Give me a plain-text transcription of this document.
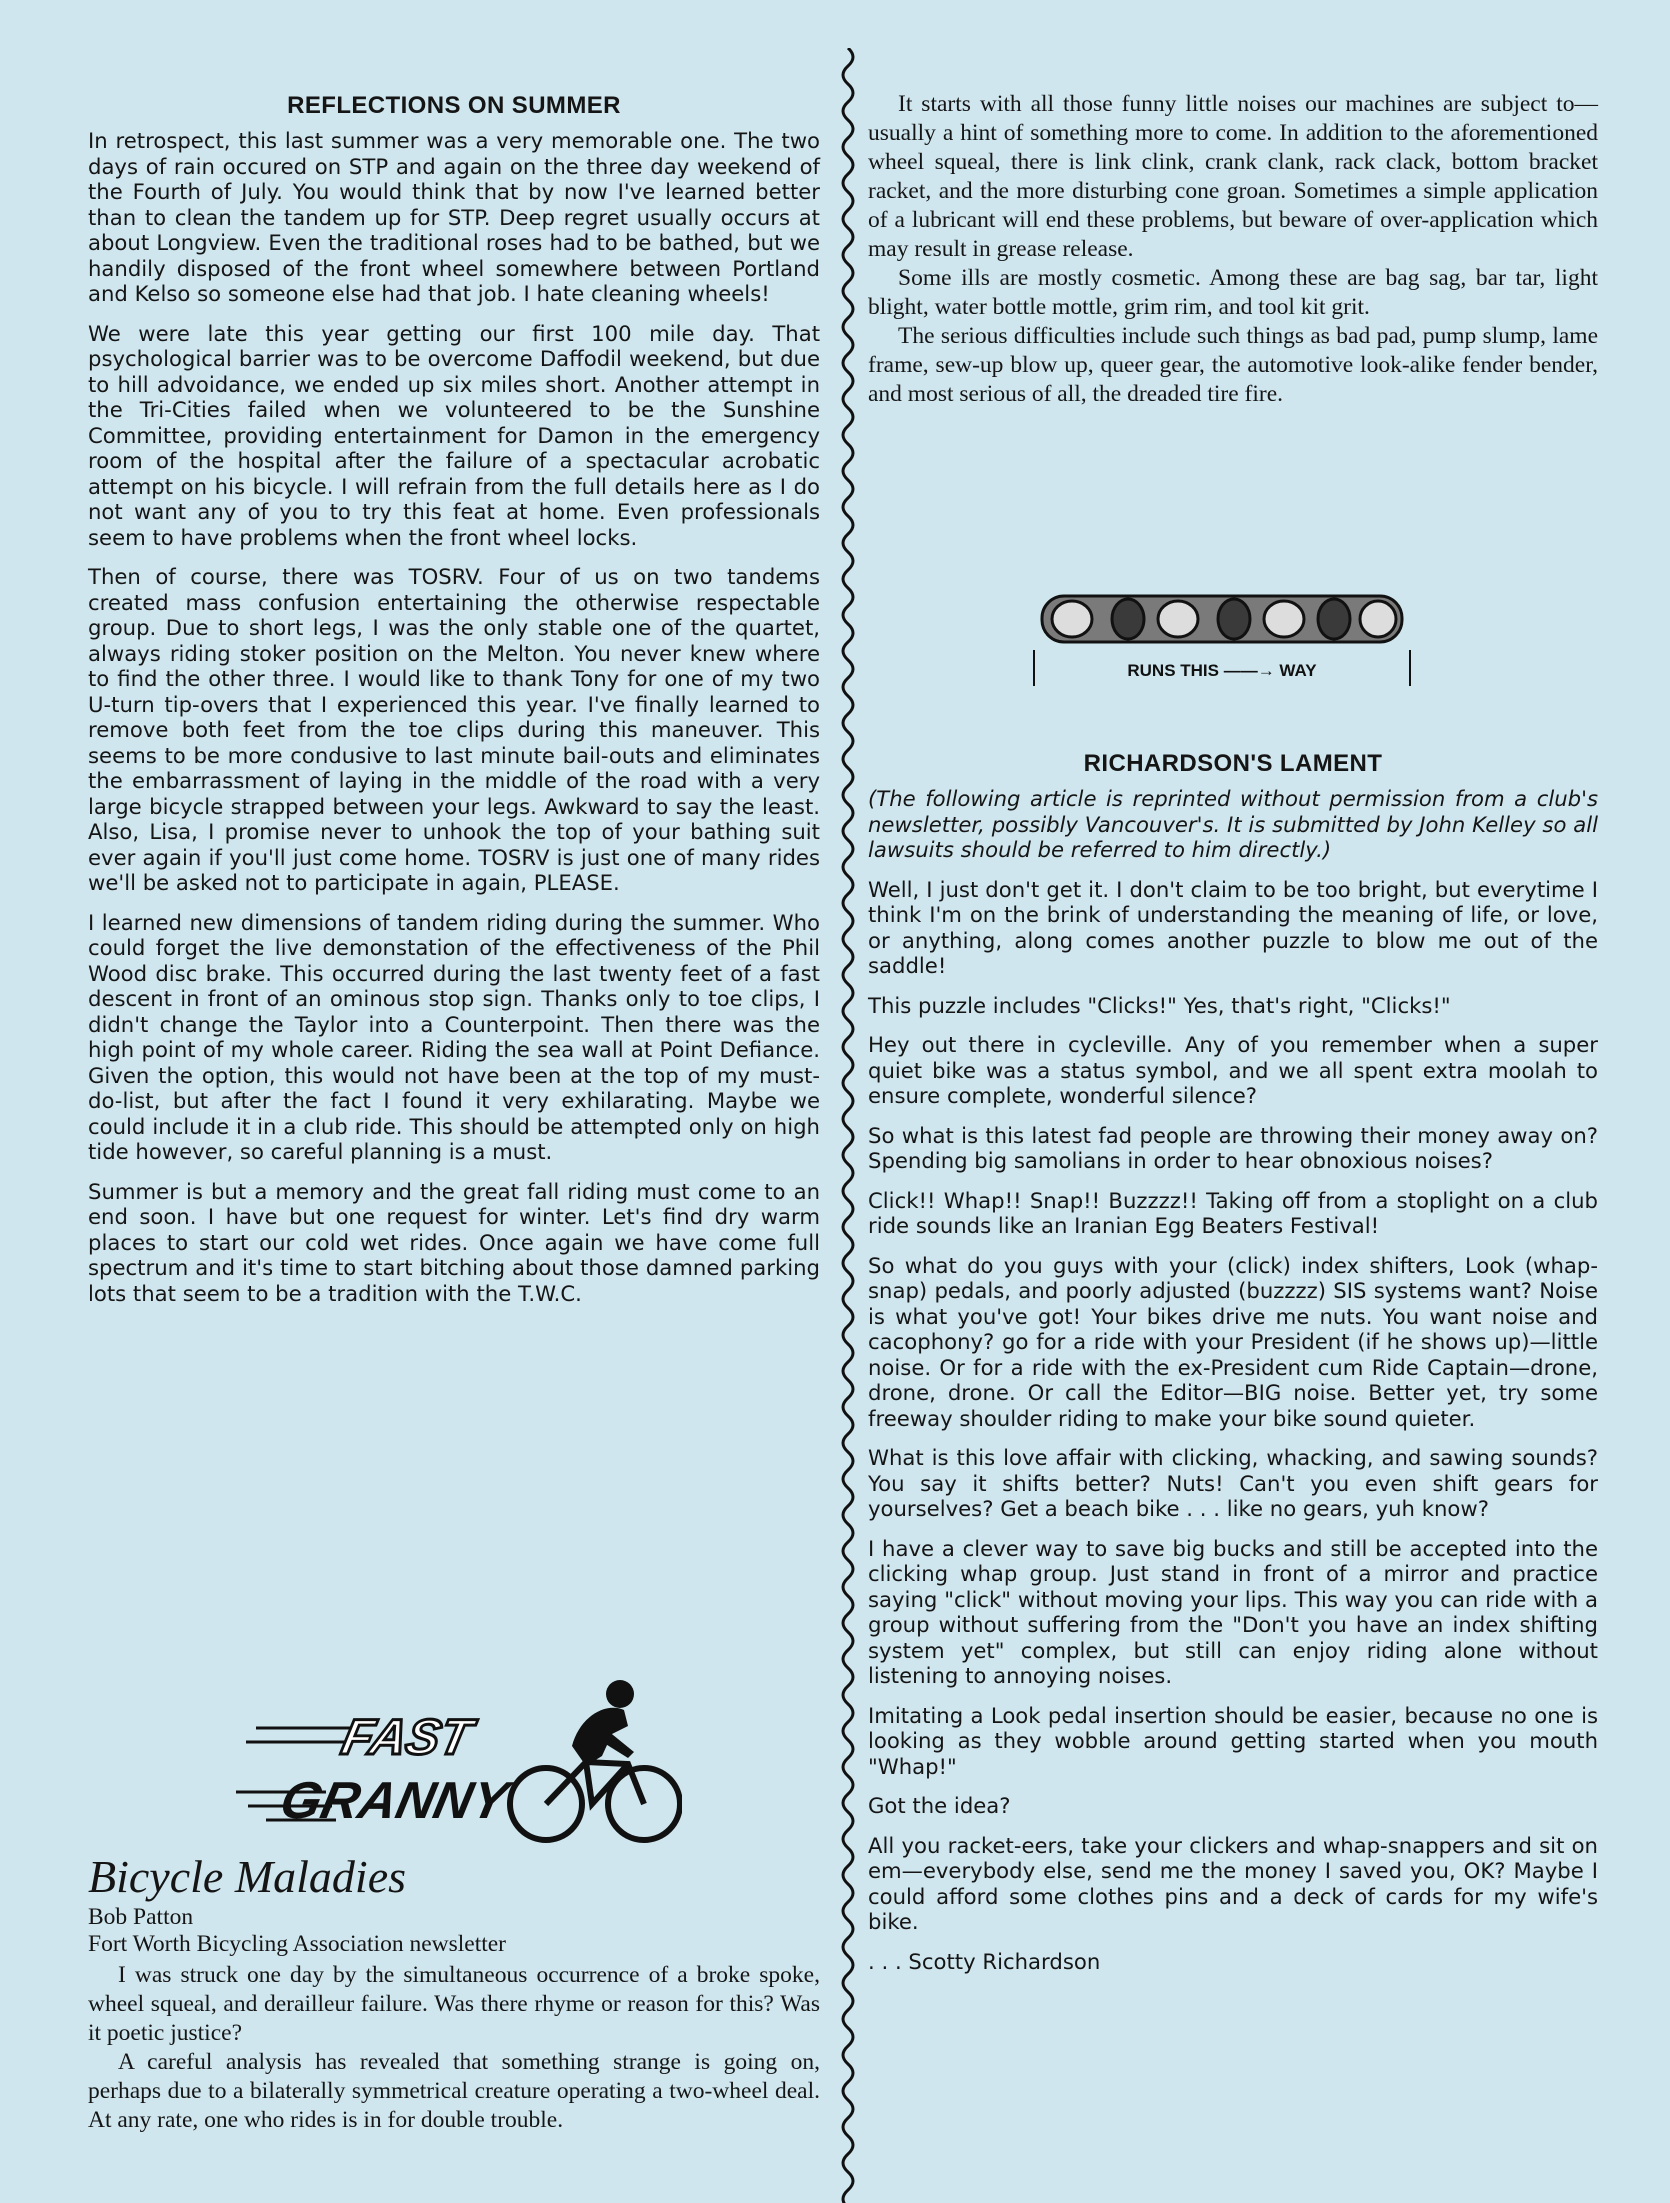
REFLECTIONS ON SUMMER

In retrospect, this last summer was a very memorable one. The two days of rain occured on STP and again on the three day weekend of the Fourth of July. You would think that by now I've learned better than to clean the tandem up for STP. Deep regret usually occurs at about Longview. Even the traditional roses had to be bathed, but we handily disposed of the front wheel somewhere between Portland and Kelso so someone else had that job. I hate cleaning wheels!

We were late this year getting our first 100 mile day. That psychological barrier was to be overcome Daffodil weekend, but due to hill advoidance, we ended up six miles short. Another attempt in the Tri-Cities failed when we volunteered to be the Sunshine Committee, providing entertainment for Damon in the emergency room of the hospital after the failure of a spectacular acrobatic attempt on his bicycle. I will refrain from the full details here as I do not want any of you to try this feat at home. Even professionals seem to have problems when the front wheel locks.

Then of course, there was TOSRV. Four of us on two tandems created mass confusion entertaining the otherwise respectable group. Due to short legs, I was the only stable one of the quartet, always riding stoker position on the Melton. You never knew where to find the other three. I would like to thank Tony for one of my two U-turn tip-overs that I experienced this year. I've finally learned to remove both feet from the toe clips during this maneuver. This seems to be more condusive to last minute bail-outs and eliminates the embarrassment of laying in the middle of the road with a very large bicycle strapped between your legs. Awkward to say the least. Also, Lisa, I promise never to unhook the top of your bathing suit ever again if you'll just come home. TOSRV is just one of many rides we'll be asked not to participate in again, PLEASE.

I learned new dimensions of tandem riding during the summer. Who could forget the live demonstation of the effectiveness of the Phil Wood disc brake. This occurred during the last twenty feet of a fast descent in front of an ominous stop sign. Thanks only to toe clips, I didn't change the Taylor into a Counterpoint. Then there was the high point of my whole career. Riding the sea wall at Point Defiance. Given the option, this would not have been at the top of my must-do-list, but after the fact I found it very exhilarating. Maybe we could include it in a club ride. This should be attempted only on high tide however, so careful planning is a must.

Summer is but a memory and the great fall riding must come to an end soon. I have but one request for winter. Let's find dry warm places to start our cold wet rides. Once again we have come full spectrum and it's time to start bitching about those damned parking lots that seem to be a tradition with the T.W.C.

FAST
GRANNY
Bicycle Maladies
Bob Patton
Fort Worth Bicycling Association newsletter

I was struck one day by the simultaneous occurrence of a broke spoke, wheel squeal, and derailleur failure. Was there rhyme or reason for this? Was it poetic justice?

A careful analysis has revealed that something strange is going on, perhaps due to a bilaterally symmetrical creature operating a two-wheel deal. At any rate, one who rides is in for double trouble.

It starts with all those funny little noises our machines are subject to—usually a hint of something more to come. In addition to the aforementioned wheel squeal, there is link clink, crank clank, rack clack, bottom bracket racket, and the more disturbing cone groan. Sometimes a simple application of a lubricant will end these problems, but beware of over-application which may result in grease release.

Some ills are mostly cosmetic. Among these are bag sag, bar tar, light blight, water bottle mottle, grim rim, and tool kit grit.

The serious difficulties include such things as bad pad, pump slump, lame frame, sew-up blow up, queer gear, the automotive look-alike fender bender, and most serious of all, the dreaded tire fire.

RUNS THIS ——→ WAY
RICHARDSON'S LAMENT

(The following article is reprinted without permission from a club's newsletter, possibly Vancouver's. It is submitted by John Kelley so all lawsuits should be referred to him directly.)

Well, I just don't get it. I don't claim to be too bright, but everytime I think I'm on the brink of understanding the meaning of life, or love, or anything, along comes another puzzle to blow me out of the saddle!

This puzzle includes "Clicks!" Yes, that's right, "Clicks!"

Hey out there in cycleville. Any of you remember when a super quiet bike was a status symbol, and we all spent extra moolah to ensure complete, wonderful silence?

So what is this latest fad people are throwing their money away on? Spending big samolians in order to hear obnoxious noises?

Click!! Whap!! Snap!! Buzzzz!! Taking off from a stoplight on a club ride sounds like an Iranian Egg Beaters Festival!

So what do you guys with your (click) index shifters, Look (whap-snap) pedals, and poorly adjusted (buzzzz) SIS systems want? Noise is what you've got! Your bikes drive me nuts. You want noise and cacophony? go for a ride with your President (if he shows up)—little noise. Or for a ride with the ex-President cum Ride Captain—drone, drone, drone. Or call the Editor—BIG noise. Better yet, try some freeway shoulder riding to make your bike sound quieter.

What is this love affair with clicking, whacking, and sawing sounds? You say it shifts better? Nuts! Can't you even shift gears for yourselves? Get a beach bike . . . like no gears, yuh know?

I have a clever way to save big bucks and still be accepted into the clicking whap group. Just stand in front of a mirror and practice saying "click" without moving your lips. This way you can ride with a group without suffering from the "Don't you have an index shifting system yet" complex, but still can enjoy riding alone without listening to annoying noises.

Imitating a Look pedal insertion should be easier, because no one is looking as they wobble around getting started when you mouth "Whap!"

Got the idea?

All you racket-eers, take your clickers and whap-snappers and sit on em—everybody else, send me the money I saved you, OK? Maybe I could afford some clothes pins and a deck of cards for my wife's bike.

. . . Scotty Richardson
